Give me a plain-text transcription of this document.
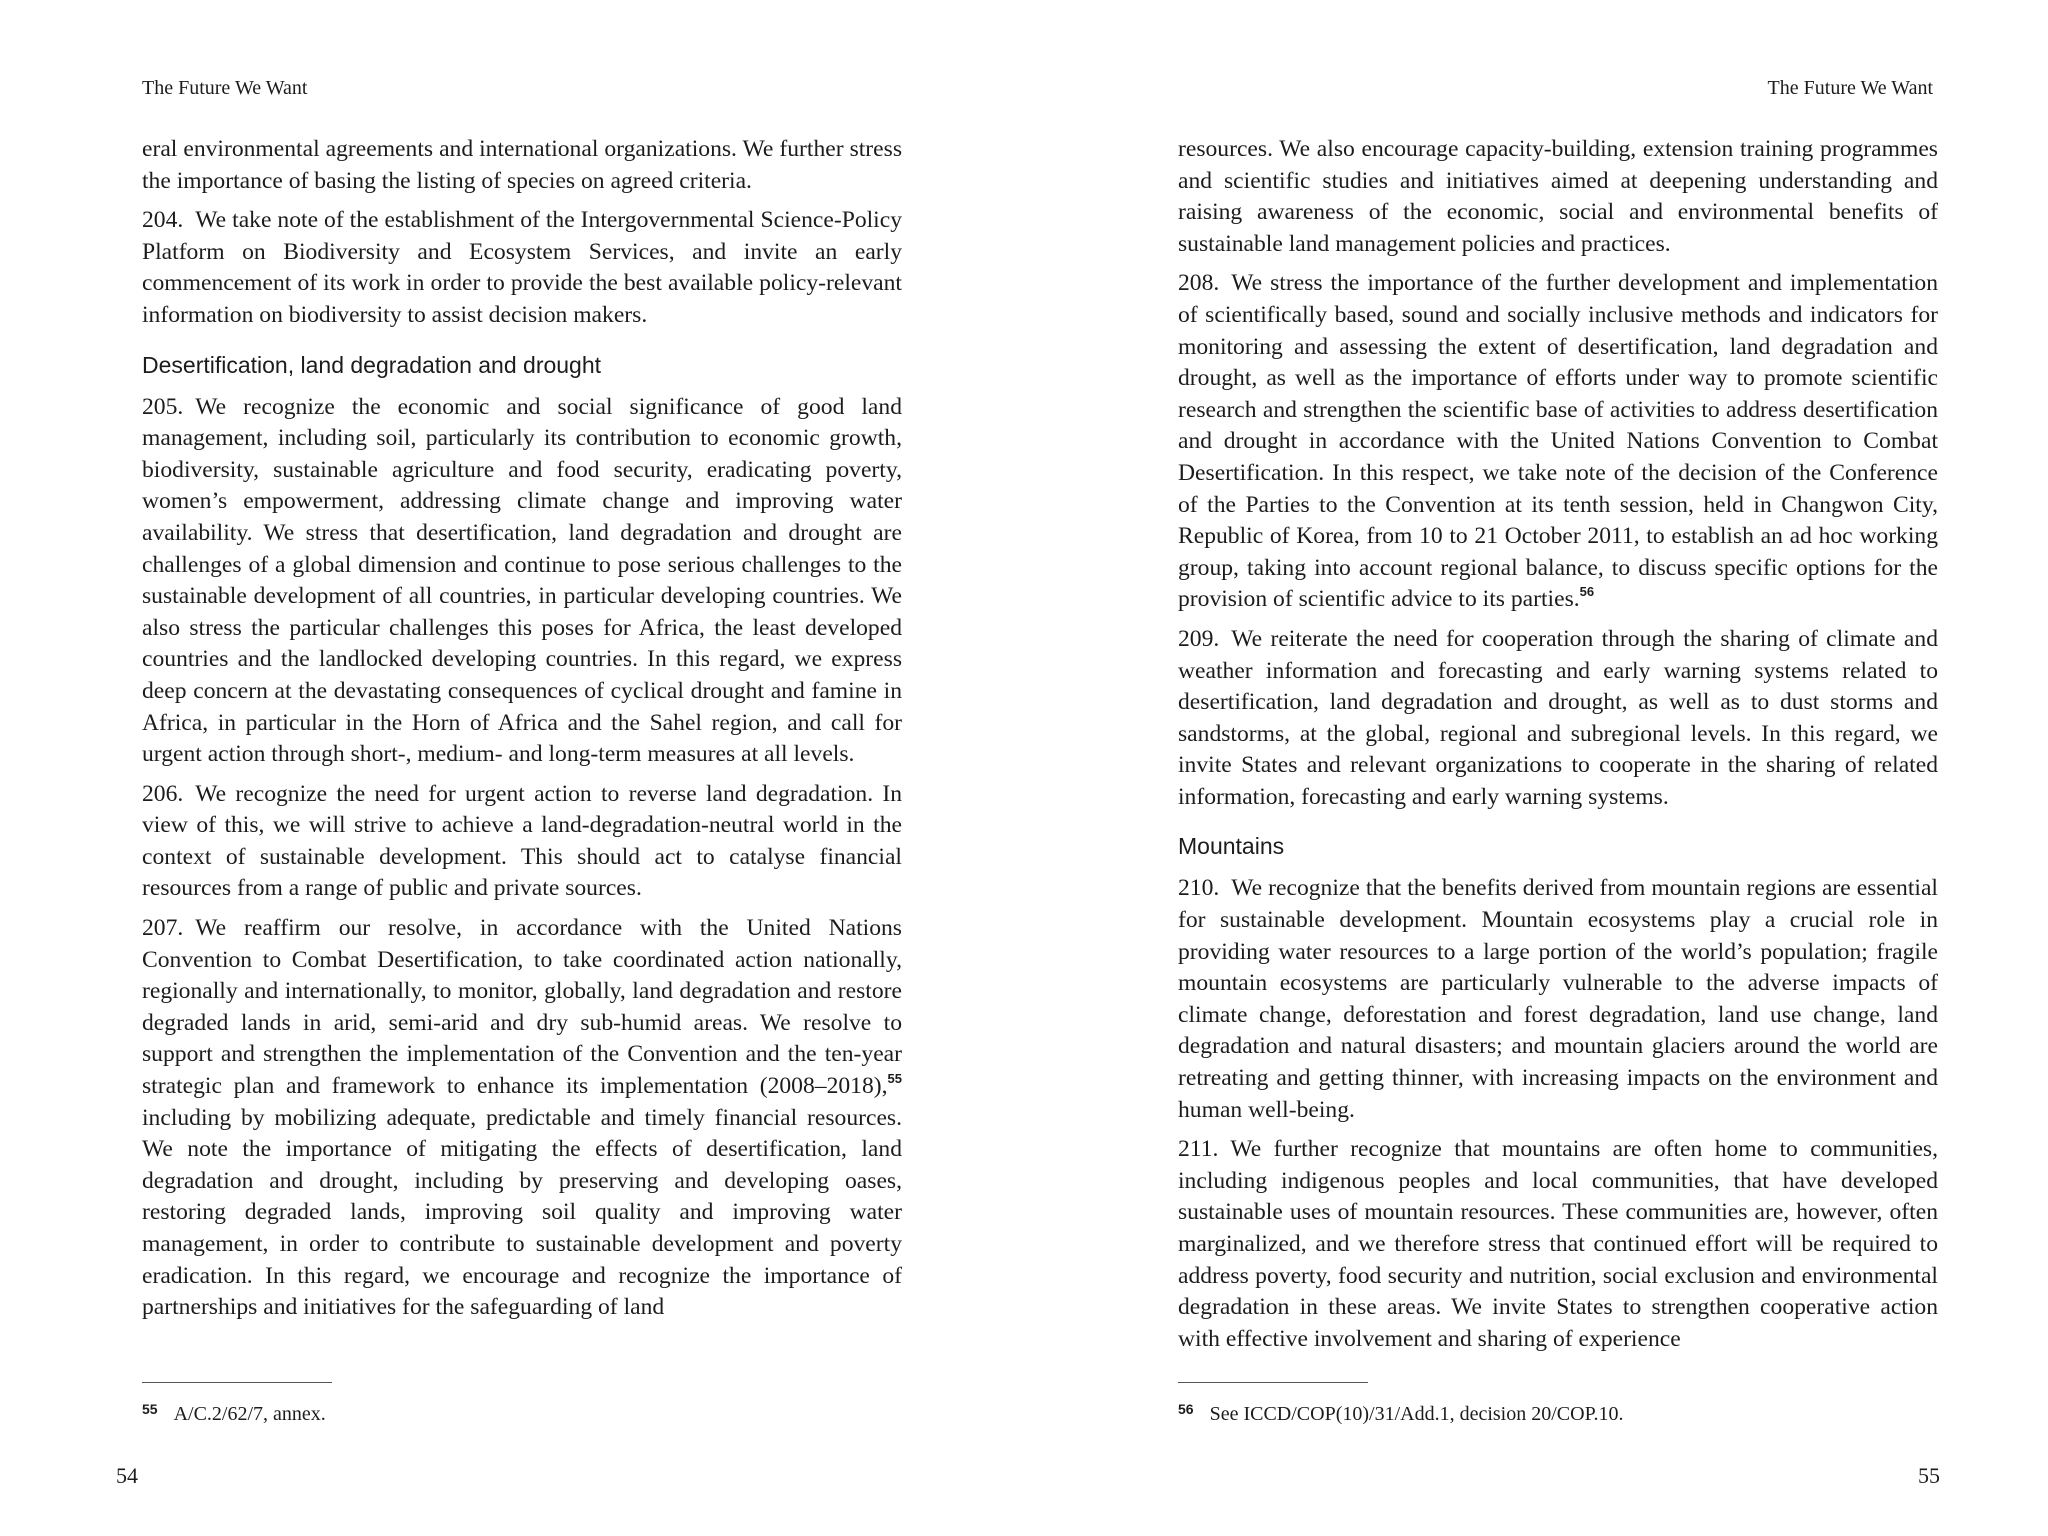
The Future We Want

eral environmental agreements and international organizations. We further stress the importance of basing the listing of species on agreed criteria.

204. We take note of the establishment of the Intergovernmental Science-Policy Platform on Biodiversity and Ecosystem Services, and invite an early commencement of its work in order to provide the best available policy-relevant information on biodiversity to assist decision makers.

Desertification, land degradation and drought

205. We recognize the economic and social significance of good land management, including soil, particularly its contribution to economic growth, biodiversity, sustainable agriculture and food security, eradicating poverty, women’s empowerment, addressing climate change and improving water availability. We stress that desertification, land degradation and drought are challenges of a global dimension and continue to pose serious challenges to the sustainable development of all countries, in particular developing countries. We also stress the particular challenges this poses for Africa, the least developed countries and the landlocked developing countries. In this regard, we express deep concern at the devastating consequences of cyclical drought and famine in Africa, in particular in the Horn of Africa and the Sahel region, and call for urgent action through short-, medium- and long-term measures at all levels.

206. We recognize the need for urgent action to reverse land degradation. In view of this, we will strive to achieve a land-degradation-neutral world in the context of sustainable development. This should act to catalyse financial resources from a range of public and private sources.

207. We reaffirm our resolve, in accordance with the United Nations Convention to Combat Desertification, to take coordinated action nationally, regionally and internationally, to monitor, globally, land degradation and restore degraded lands in arid, semi-arid and dry sub-humid areas. We resolve to support and strengthen the implementation of the Convention and the ten-year strategic plan and framework to enhance its implementation (2008–2018),$^{55}$ including by mobilizing adequate, predictable and timely financial resources. We note the importance of mitigating the effects of desertification, land degradation and drought, including by preserving and developing oases, restoring degraded lands, improving soil quality and improving water management, in order to contribute to sustainable development and poverty eradication. In this regard, we encourage and recognize the importance of partnerships and initiatives for the safeguarding of land

$^{55}$ A/C.2/62/7, annex.
54
The Future We Want

resources. We also encourage capacity-building, extension training programmes and scientific studies and initiatives aimed at deepening understanding and raising awareness of the economic, social and environmental benefits of sustainable land management policies and practices.

208. We stress the importance of the further development and implementation of scientifically based, sound and socially inclusive methods and indicators for monitoring and assessing the extent of desertification, land degradation and drought, as well as the importance of efforts under way to promote scientific research and strengthen the scientific base of activities to address desertification and drought in accordance with the United Nations Convention to Combat Desertification. In this respect, we take note of the decision of the Conference of the Parties to the Convention at its tenth session, held in Changwon City, Republic of Korea, from 10 to 21 October 2011, to establish an ad hoc working group, taking into account regional balance, to discuss specific options for the provision of scientific advice to its parties.$^{56}$

209. We reiterate the need for cooperation through the sharing of climate and weather information and forecasting and early warning systems related to desertification, land degradation and drought, as well as to dust storms and sandstorms, at the global, regional and subregional levels. In this regard, we invite States and relevant organizations to cooperate in the sharing of related information, forecasting and early warning systems.

Mountains

210. We recognize that the benefits derived from mountain regions are essential for sustainable development. Mountain ecosystems play a crucial role in providing water resources to a large portion of the world’s population; fragile mountain ecosystems are particularly vulnerable to the adverse impacts of climate change, deforestation and forest degradation, land use change, land degradation and natural disasters; and mountain glaciers around the world are retreating and getting thinner, with increasing impacts on the environment and human well-being.

211. We further recognize that mountains are often home to communities, including indigenous peoples and local communities, that have developed sustainable uses of mountain resources. These communities are, however, often marginalized, and we therefore stress that continued effort will be required to address poverty, food security and nutrition, social exclusion and environmental degradation in these areas. We invite States to strengthen cooperative action with effective involvement and sharing of experience

$^{56}$ See ICCD/COP(10)/31/Add.1, decision 20/COP.10.
55
